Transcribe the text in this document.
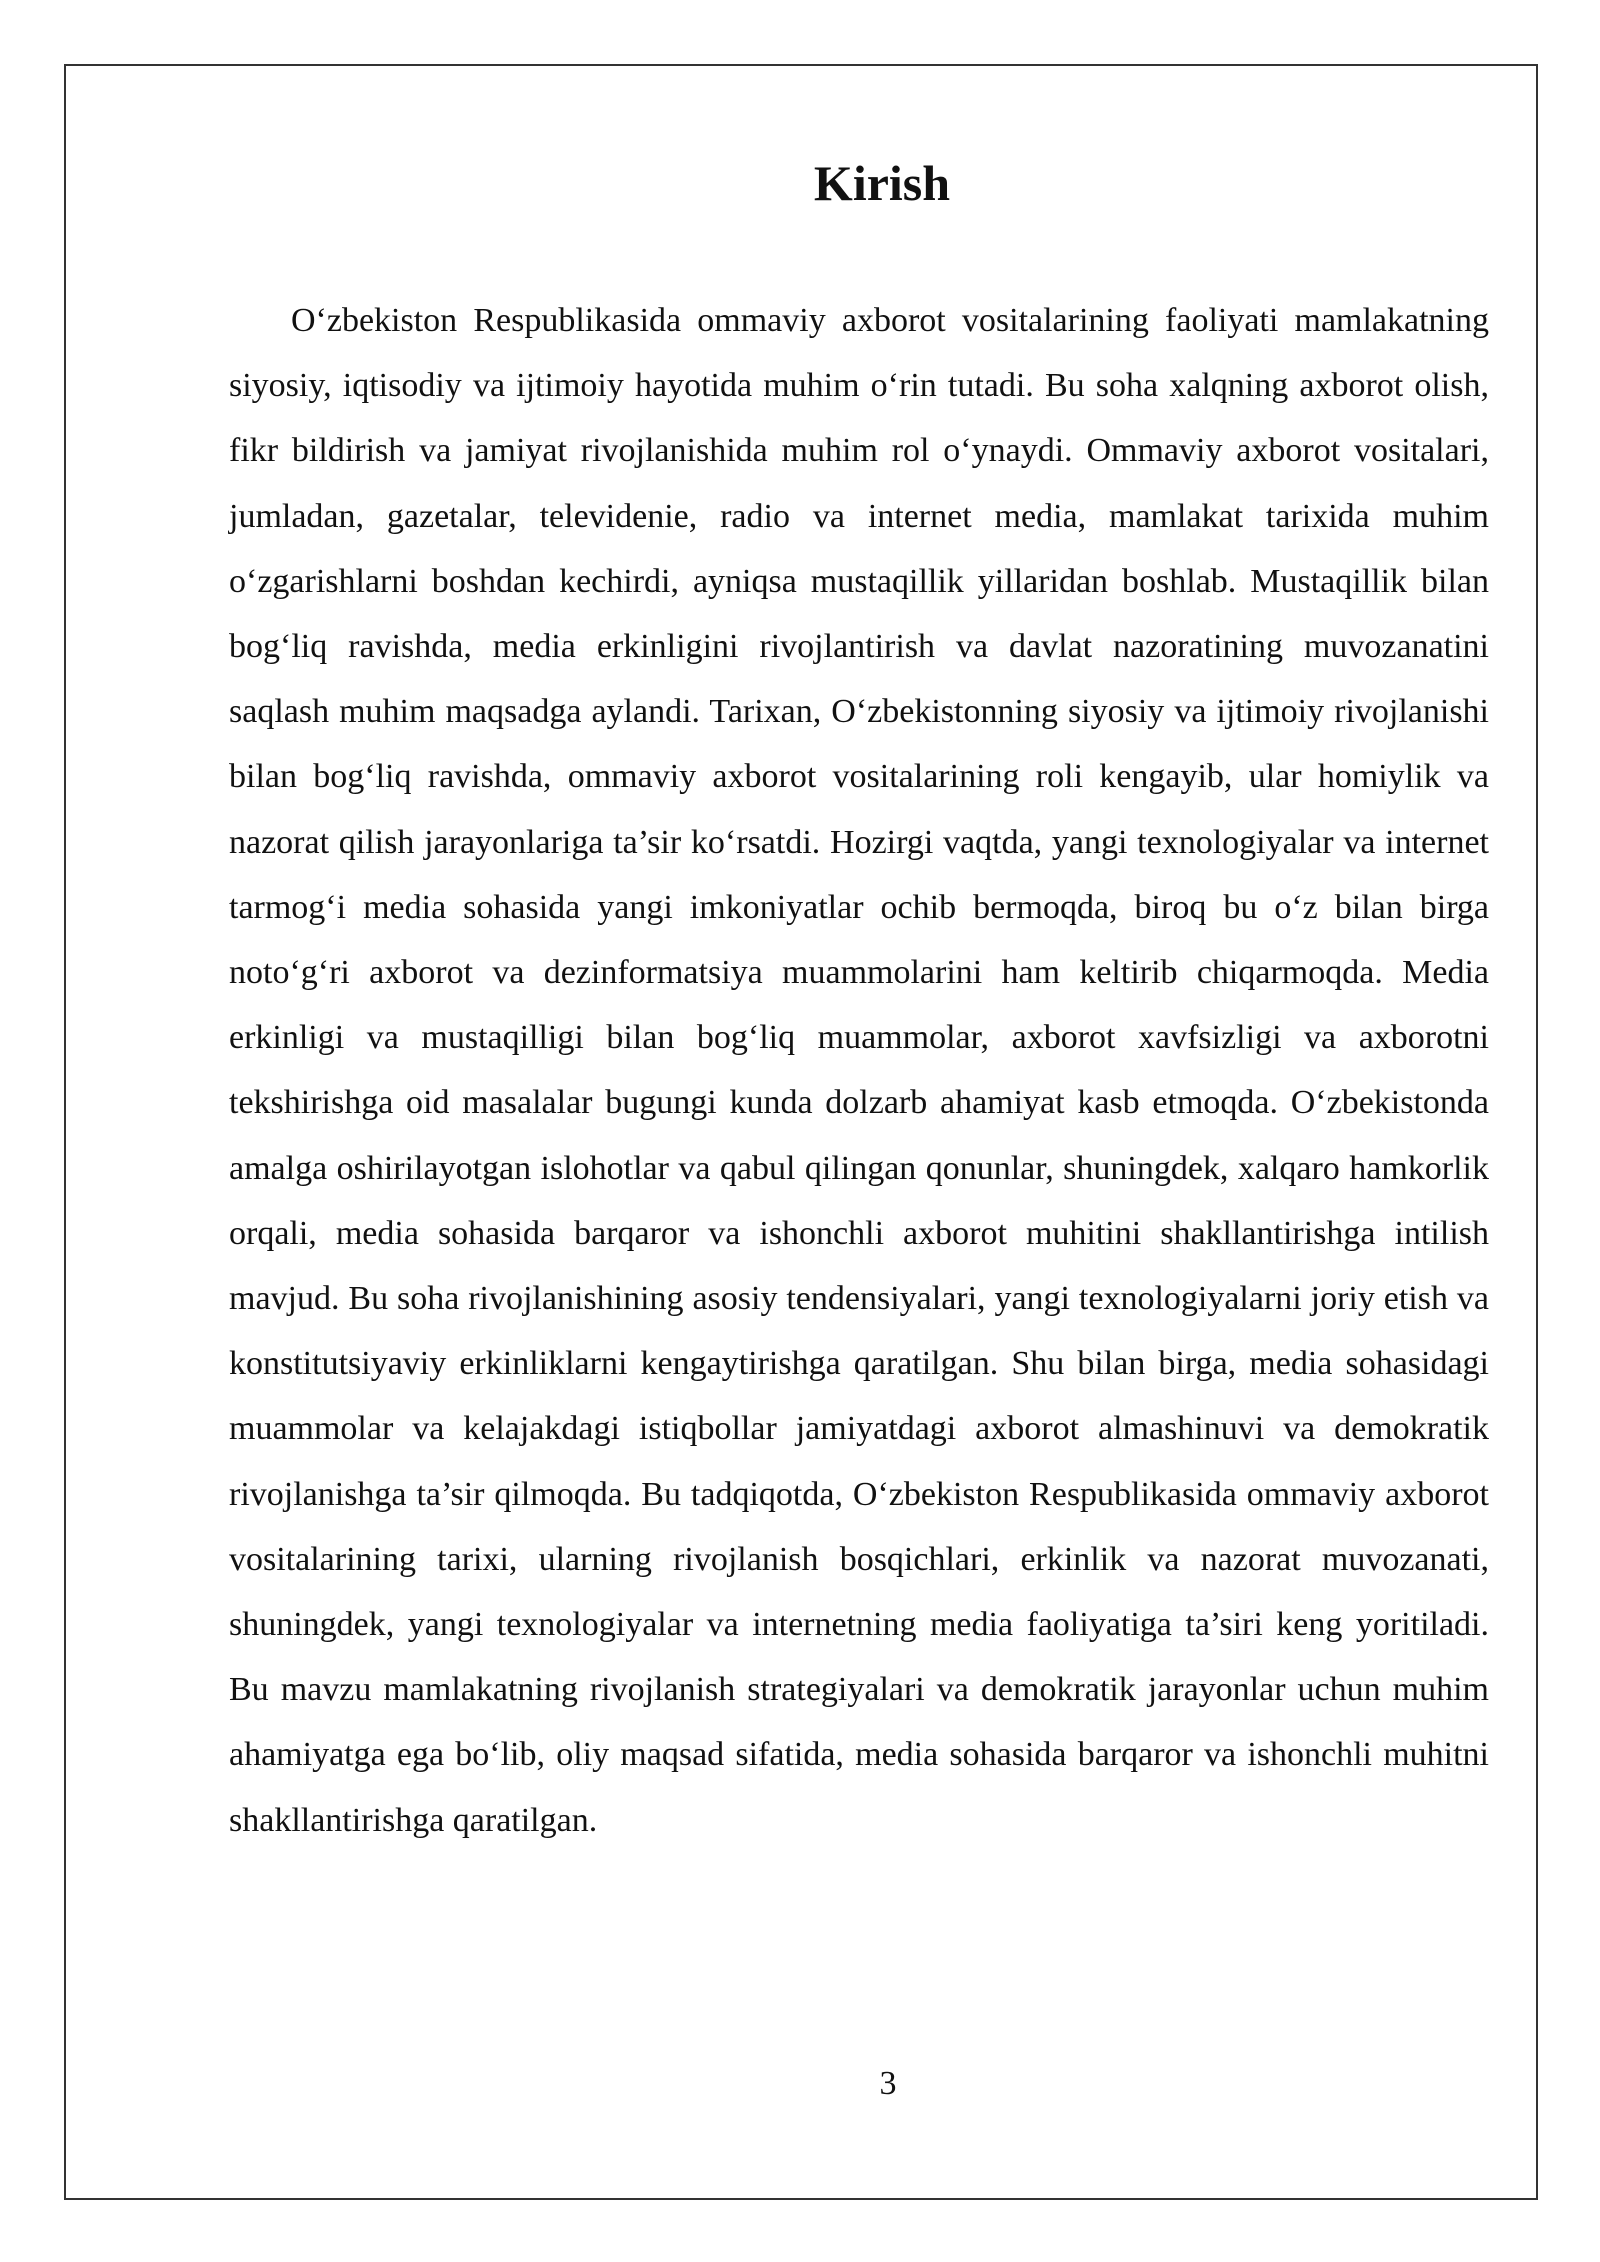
Kirish

O‘zbekiston Respublikasida ommaviy axborot vositalarining faoliyati mamlakatning siyosiy, iqtisodiy va ijtimoiy hayotida muhim o‘rin tutadi. Bu soha xalqning axborot olish, fikr bildirish va jamiyat rivojlanishida muhim rol o‘ynaydi. Ommaviy axborot vositalari, jumladan, gazetalar, televidenie, radio va internet media, mamlakat tarixida muhim o‘zgarishlarni boshdan kechirdi, ayniqsa mustaqillik yillaridan boshlab. Mustaqillik bilan bog‘liq ravishda, media erkinligini rivojlantirish va davlat nazoratining muvozanatini saqlash muhim maqsadga aylandi. Tarixan, O‘zbekistonning siyosiy va ijtimoiy rivojlanishi bilan bog‘liq ravishda, ommaviy axborot vositalarining roli kengayib, ular homiylik va nazorat qilish jarayonlariga ta’sir ko‘rsatdi. Hozirgi vaqtda, yangi texnologiyalar va internet tarmog‘i media sohasida yangi imkoniyatlar ochib bermoqda, biroq bu o‘z bilan birga noto‘g‘ri axborot va dezinformatsiya muammolarini ham keltirib chiqarmoqda. Media erkinligi va mustaqilligi bilan bog‘liq muammolar, axborot xavfsizligi va axborotni tekshirishga oid masalalar bugungi kunda dolzarb ahamiyat kasb etmoqda. O‘zbekistonda amalga oshirilayotgan islohotlar va qabul qilingan qonunlar, shuningdek, xalqaro hamkorlik orqali, media sohasida barqaror va ishonchli axborot muhitini shakllantirishga intilish mavjud. Bu soha rivojlanishining asosiy tendensiyalari, yangi texnologiyalarni joriy etish va konstitutsiyaviy erkinliklarni kengaytirishga qaratilgan. Shu bilan birga, media sohasidagi muammolar va kelajakdagi istiqbollar jamiyatdagi axborot almashinuvi va demokratik rivojlanishga ta’sir qilmoqda. Bu tadqiqotda, O‘zbekiston Respublikasida ommaviy axborot vositalarining tarixi, ularning rivojlanish bosqichlari, erkinlik va nazorat muvozanati, shuningdek, yangi texnologiyalar va internetning media faoliyatiga ta’siri keng yoritiladi. Bu mavzu mamlakatning rivojlanish strategiyalari va demokratik jarayonlar uchun muhim ahamiyatga ega bo‘lib, oliy maqsad sifatida, media sohasida barqaror va ishonchli muhitni shakllantirishga qaratilgan.

3
